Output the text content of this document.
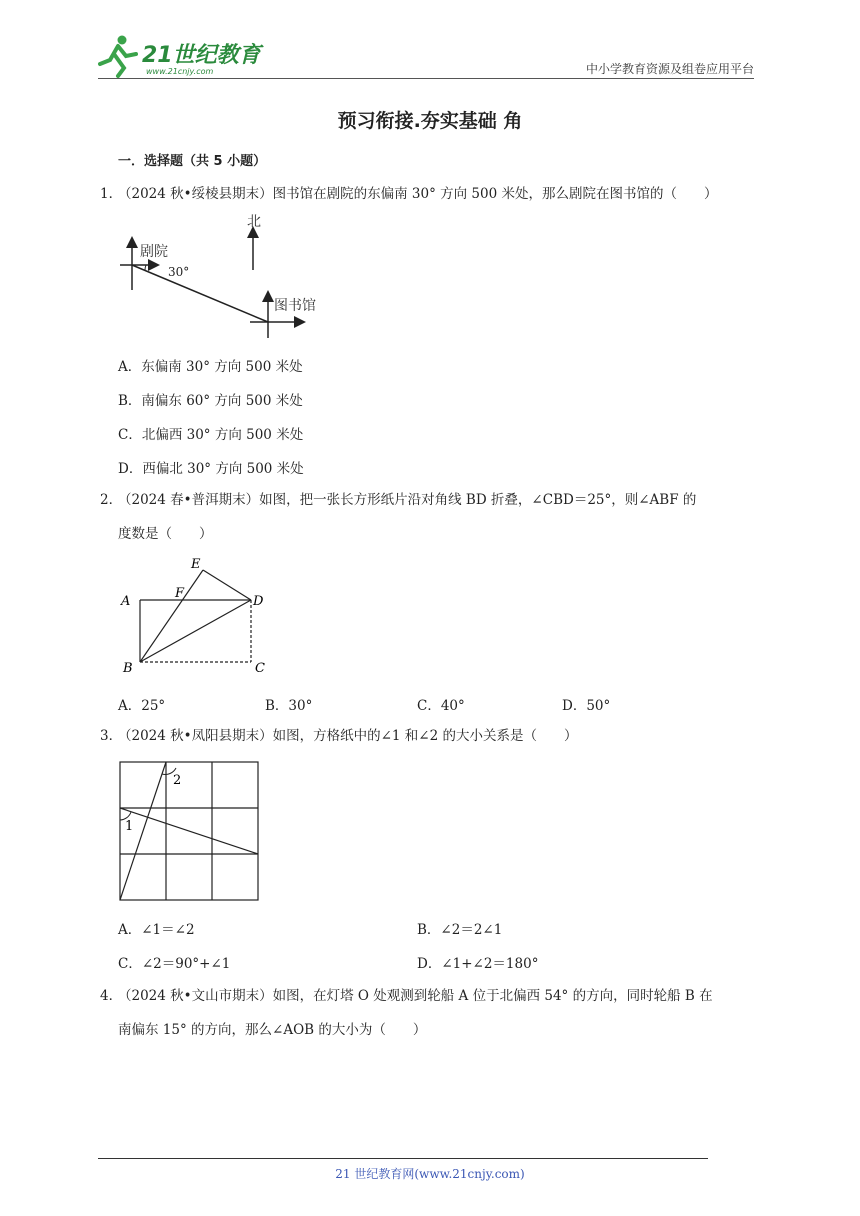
21世纪教育
www.21cnjy.com	中小学教育资源及组卷应用平台
预习衔接.夯实基础 角
一．选择题（共 5 小题）
1．
（2024 秋•绥棱县期末）图书馆在剧院的东偏南 30° 方向 500 米处，那么剧院在图书馆的（　　）
剧院
30°
北
图书馆
A．东偏南 30° 方向 500 米处
B．南偏东 60° 方向 500 米处
C．北偏西 30° 方向 500 米处
D．西偏北 30° 方向 500 米处
2．
（2024 春•普洱期末）如图，把一张长方形纸片沿对角线 BD 折叠，∠CBD＝25°，则∠ABF 的
度数是（　　）
A
B	C
D
E
F
A．25°	B．30°	C．40°	D．50°
3．
（2024 秋•凤阳县期末）如图，方格纸中的∠1 和∠2 的大小关系是（　　）
1
2
A．∠1＝∠2	B．∠2＝2∠1
C．∠2＝90°+∠1	D．∠1+∠2＝180°
4．
（2024 秋•文山市期末）如图，在灯塔 O 处观测到轮船 A 位于北偏西 54° 的方向，同时轮船 B 在
南偏东 15° 的方向，那么∠AOB 的大小为（　　）
21 世纪教育网(www.21cnjy.com)
